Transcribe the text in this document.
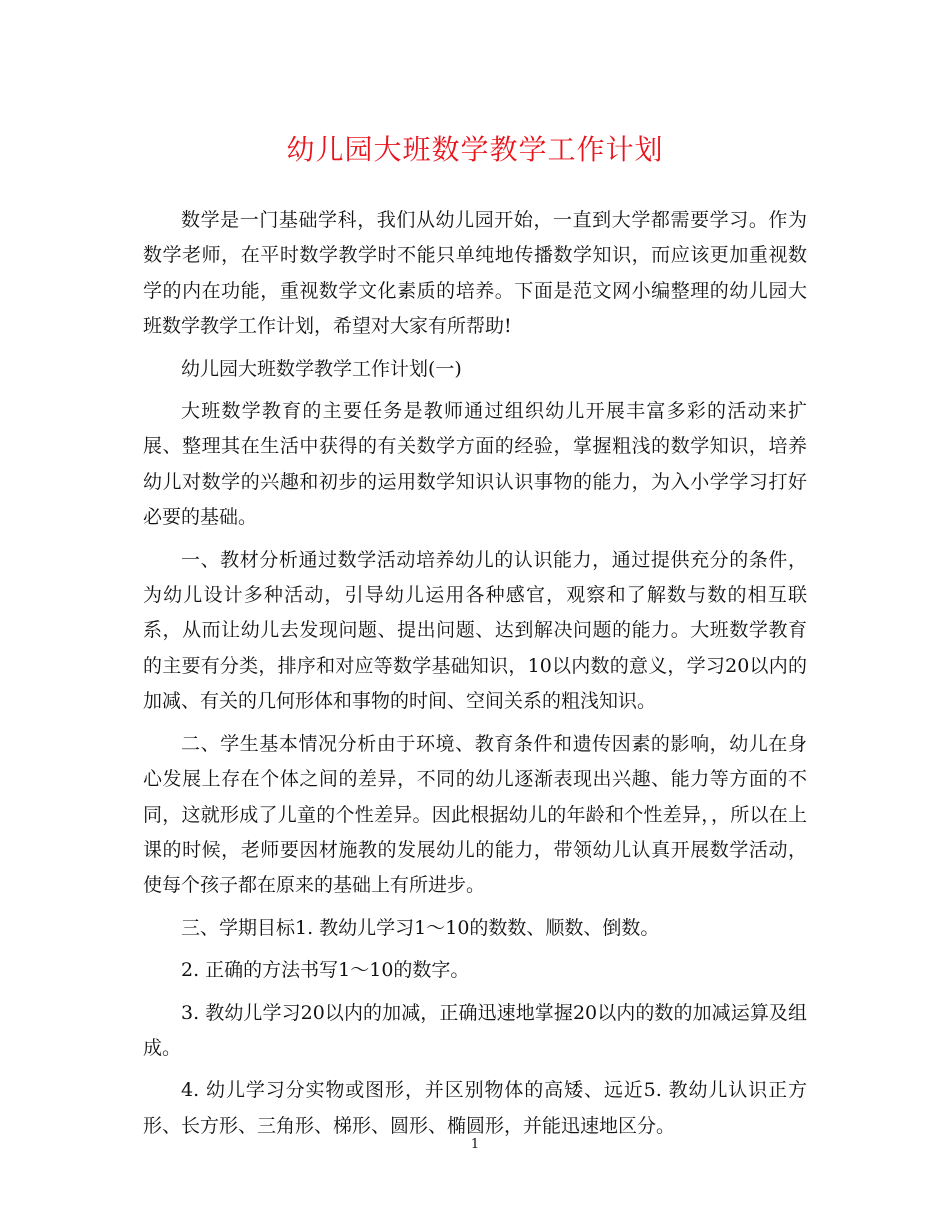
幼儿园大班数学教学工作计划

数学是一门基础学科，我们从幼儿园开始，一直到大学都需要学习。作为数学老师，在平时数学教学时不能只单纯地传播数学知识，而应该更加重视数学的内在功能，重视数学文化素质的培养。下面是范文网小编整理的幼儿园大班数学教学工作计划，希望对大家有所帮助!

幼儿园大班数学教学工作计划(一)

大班数学教育的主要任务是教师通过组织幼儿开展丰富多彩的活动来扩展、整理其在生活中获得的有关数学方面的经验，掌握粗浅的数学知识，培养幼儿对数学的兴趣和初步的运用数学知识认识事物的能力，为入小学学习打好必要的基础。

一、教材分析通过数学活动培养幼儿的认识能力，通过提供充分的条件，为幼儿设计多种活动，引导幼儿运用各种感官，观察和了解数与数的相互联系，从而让幼儿去发现问题、提出问题、达到解决问题的能力。大班数学教育的主要有分类，排序和对应等数学基础知识，10以内数的意义，学习20以内的加减、有关的几何形体和事物的时间、空间关系的粗浅知识。

二、学生基本情况分析由于环境、教育条件和遗传因素的影响，幼儿在身心发展上存在个体之间的差异，不同的幼儿逐渐表现出兴趣、能力等方面的不同，这就形成了儿童的个性差异。因此根据幼儿的年龄和个性差异，，所以在上课的时候，老师要因材施教的发展幼儿的能力，带领幼儿认真开展数学活动，使每个孩子都在原来的基础上有所进步。

三、学期目标1. 教幼儿学习1～10的数数、顺数、倒数。

2. 正确的方法书写1～10的数字。

3. 教幼儿学习20以内的加减，正确迅速地掌握20以内的数的加减运算及组成。

4. 幼儿学习分实物或图形，并区别物体的高矮、远近5. 教幼儿认识正方形、长方形、三角形、梯形、圆形、椭圆形，并能迅速地区分。

1
